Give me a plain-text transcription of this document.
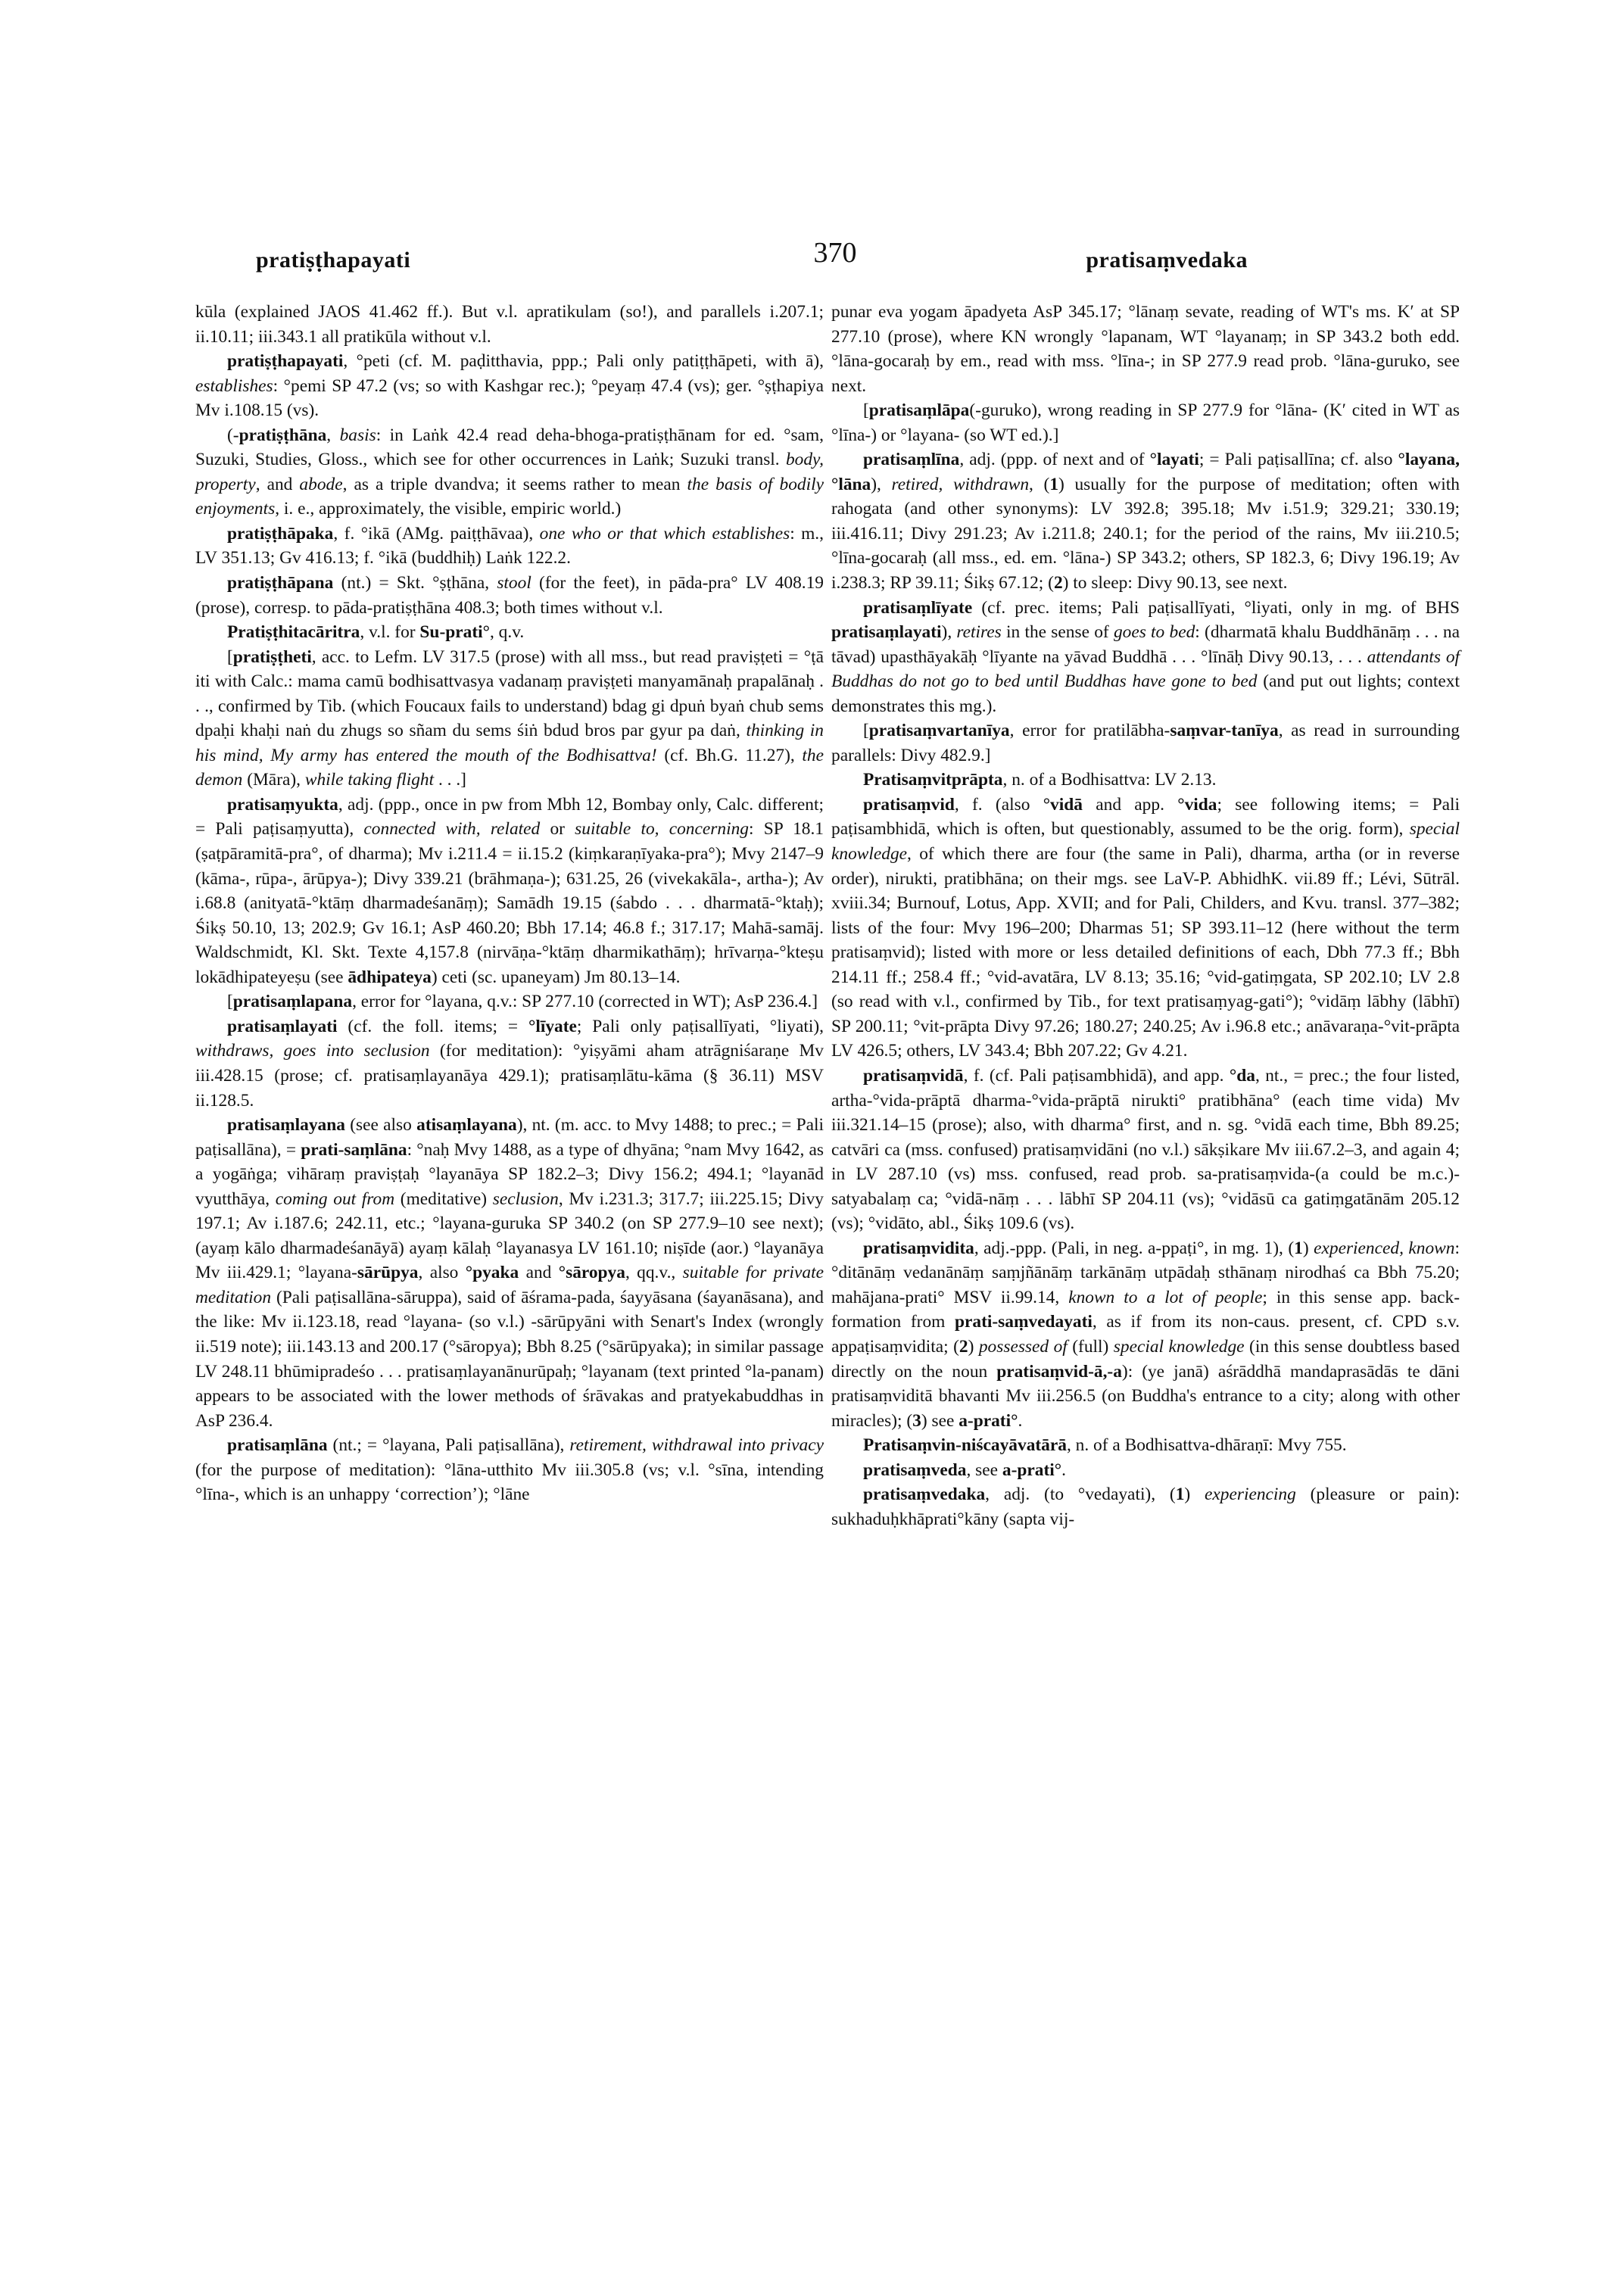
pratiṣṭhapayati	370	pratisaṃvedaka

kūla (explained JAOS 41.462 ff.). But v.l. apratikulam (so!), and parallels i.207.1; ii.10.11; iii.343.1 all pratikūla without v.l.

pratiṣṭhapayati, °peti (cf. M. paḍitthavia, ppp.; Pali only patiṭṭhāpeti, with ā), establishes: °pemi SP 47.2 (vs; so with Kashgar rec.); °peyaṃ 47.4 (vs); ger. °ṣṭhapiya Mv i.108.15 (vs).

(-pratiṣṭhāna, basis: in Laṅk 42.4 read deha-bhoga-pratiṣṭhānam for ed. °sam, Suzuki, Studies, Gloss., which see for other occurrences in Laṅk; Suzuki transl. body, property, and abode, as a triple dvandva; it seems rather to mean the basis of bodily enjoyments, i. e., approximately, the visible, empiric world.)

pratiṣṭhāpaka, f. °ikā (AMg. paiṭṭhāvaa), one who or that which establishes: m., LV 351.13; Gv 416.13; f. °ikā (buddhiḥ) Laṅk 122.2.

pratiṣṭhāpana (nt.) = Skt. °ṣṭhāna, stool (for the feet), in pāda-pra° LV 408.19 (prose), corresp. to pāda-pratiṣṭhāna 408.3; both times without v.l.

Pratiṣṭhitacāritra, v.l. for Su-prati°, q.v.

[pratiṣṭheti, acc. to Lefm. LV 317.5 (prose) with all mss., but read praviṣṭeti = °ṭā iti with Calc.: mama camū bodhisattvasya vadanaṃ praviṣṭeti manyamānaḥ prapalānaḥ . . ., confirmed by Tib. (which Foucaux fails to understand) bdag gi dpuṅ byaṅ chub sems dpaḥi khaḥi naṅ du zhugs so sñam du sems śiṅ bdud bros par gyur pa daṅ, thinking in his mind, My army has entered the mouth of the Bodhisattva! (cf. Bh.G. 11.27), the demon (Māra), while taking flight . . .]

pratisaṃyukta, adj. (ppp., once in pw from Mbh 12, Bombay only, Calc. different; = Pali paṭisaṃyutta), connected with, related or suitable to, concerning: SP 18.1 (ṣaṭpāramitā-pra°, of dharma); Mv i.211.4 = ii.15.2 (kiṃkaraṇīyaka-pra°); Mvy 2147–9 (kāma-, rūpa-, ārūpya-); Divy 339.21 (brāhmaṇa-); 631.25, 26 (vivekakāla-, artha-); Av i.68.8 (anityatā-°ktāṃ dharmadeśanāṃ); Samādh 19.15 (śabdo . . . dharmatā-°ktaḥ); Śikṣ 50.10, 13; 202.9; Gv 16.1; AsP 460.20; Bbh 17.14; 46.8 f.; 317.17; Mahā-samāj. Waldschmidt, Kl. Skt. Texte 4,157.8 (nirvāṇa-°ktāṃ dharmikathāṃ); hrīvarṇa-°kteṣu lokādhipateyeṣu (see ādhipateya) ceti (sc. upaneyam) Jm 80.13–14.

[pratisaṃlapana, error for °layana, q.v.: SP 277.10 (corrected in WT); AsP 236.4.]

pratisaṃlayati (cf. the foll. items; = °līyate; Pali only paṭisallīyati, °liyati), withdraws, goes into seclusion (for meditation): °yiṣyāmi aham atrāgniśaraṇe Mv iii.428.15 (prose; cf. pratisaṃlayanāya 429.1); pratisaṃlātu-kāma (§ 36.11) MSV ii.128.5.

pratisaṃlayana (see also atisaṃlayana), nt. (m. acc. to Mvy 1488; to prec.; = Pali paṭisallāna), = prati-saṃlāna: °naḥ Mvy 1488, as a type of dhyāna; °nam Mvy 1642, as a yogāṅga; vihāraṃ praviṣṭaḥ °layanāya SP 182.2–3; Divy 156.2; 494.1; °layanād vyutthāya, coming out from (meditative) seclusion, Mv i.231.3; 317.7; iii.225.15; Divy 197.1; Av i.187.6; 242.11, etc.; °layana-guruka SP 340.2 (on SP 277.9–10 see next); (ayaṃ kālo dharmadeśanāyā) ayaṃ kālaḥ °layanasya LV 161.10; niṣīde (aor.) °layanāya Mv iii.429.1; °layana-sārūpya, also °pyaka and °sāropya, qq.v., suitable for private meditation (Pali paṭisallāna-sāruppa), said of āśrama-pada, śayyāsana (śayanāsana), and the like: Mv ii.123.18, read °layana- (so v.l.) -sārūpyāni with Senart's Index (wrongly ii.519 note); iii.143.13 and 200.17 (°sāropya); Bbh 8.25 (°sārūpyaka); in similar passage LV 248.11 bhūmipradeśo . . . pratisaṃlayanānurūpaḥ; °layanam (text printed °la-panam) appears to be associated with the lower methods of śrāvakas and pratyekabuddhas in AsP 236.4.

pratisaṃlāna (nt.; = °layana, Pali paṭisallāna), retirement, withdrawal into privacy (for the purpose of meditation): °lāna-utthito Mv iii.305.8 (vs; v.l. °sīna, intending °līna-, which is an unhappy ‘correction’); °lāne

punar eva yogam āpadyeta AsP 345.17; °lānaṃ sevate, reading of WT's ms. K′ at SP 277.10 (prose), where KN wrongly °lapanam, WT °layanaṃ; in SP 343.2 both edd. °lāna-gocaraḥ by em., read with mss. °līna-; in SP 277.9 read prob. °lāna-guruko, see next.

[pratisaṃlāpa(-guruko), wrong reading in SP 277.9 for °lāna- (K′ cited in WT as °līna-) or °layana- (so WT ed.).]

pratisaṃlīna, adj. (ppp. of next and of °layati; = Pali paṭisallīna; cf. also °layana, °lāna), retired, withdrawn, (1) usually for the purpose of meditation; often with rahogata (and other synonyms): LV 392.8; 395.18; Mv i.51.9; 329.21; 330.19; iii.416.11; Divy 291.23; Av i.211.8; 240.1; for the period of the rains, Mv iii.210.5; °līna-gocaraḥ (all mss., ed. em. °lāna-) SP 343.2; others, SP 182.3, 6; Divy 196.19; Av i.238.3; RP 39.11; Śikṣ 67.12; (2) to sleep: Divy 90.13, see next.

pratisaṃlīyate (cf. prec. items; Pali paṭisallīyati, °liyati, only in mg. of BHS pratisaṃlayati), retires in the sense of goes to bed: (dharmatā khalu Buddhānāṃ . . . na tāvad) upasthāyakāḥ °līyante na yāvad Buddhā . . . °līnāḥ Divy 90.13, . . . attendants of Buddhas do not go to bed until Buddhas have gone to bed (and put out lights; context demonstrates this mg.).

[pratisaṃvartanīya, error for pratilābha-saṃvar-tanīya, as read in surrounding parallels: Divy 482.9.]

Pratisaṃvitprāpta, n. of a Bodhisattva: LV 2.13.

pratisaṃvid, f. (also °vidā and app. °vida; see following items; = Pali paṭisambhidā, which is often, but questionably, assumed to be the orig. form), special knowledge, of which there are four (the same in Pali), dharma, artha (or in reverse order), nirukti, pratibhāna; on their mgs. see LaV-P. AbhidhK. vii.89 ff.; Lévi, Sūtrāl. xviii.34; Burnouf, Lotus, App. XVII; and for Pali, Childers, and Kvu. transl. 377–382; lists of the four: Mvy 196–200; Dharmas 51; SP 393.11–12 (here without the term pratisaṃvid); listed with more or less detailed definitions of each, Dbh 77.3 ff.; Bbh 214.11 ff.; 258.4 ff.; °vid-avatāra, LV 8.13; 35.16; °vid-gatiṃgata, SP 202.10; LV 2.8 (so read with v.l., confirmed by Tib., for text pratisaṃyag-gati°); °vidāṃ lābhy (lābhī) SP 200.11; °vit-prāpta Divy 97.26; 180.27; 240.25; Av i.96.8 etc.; anāvaraṇa-°vit-prāpta LV 426.5; others, LV 343.4; Bbh 207.22; Gv 4.21.

pratisaṃvidā, f. (cf. Pali paṭisambhidā), and app. °da, nt., = prec.; the four listed, artha-°vida-prāptā dharma-°vida-prāptā nirukti° pratibhāna° (each time vida) Mv iii.321.14–15 (prose); also, with dharma° first, and n. sg. °vidā each time, Bbh 89.25; catvāri ca (mss. confused) pratisaṃvidāni (no v.l.) sākṣikare Mv iii.67.2–3, and again 4; in LV 287.10 (vs) mss. confused, read prob. sa-pratisaṃvida-(a could be m.c.)-satyabalaṃ ca; °vidā-nāṃ . . . lābhī SP 204.11 (vs); °vidāsū ca gatiṃgatānām 205.12 (vs); °vidāto, abl., Śikṣ 109.6 (vs).

pratisaṃvidita, adj.-ppp. (Pali, in neg. a-ppaṭi°, in mg. 1), (1) experienced, known: °ditānāṃ vedanānāṃ saṃjñānāṃ tarkānāṃ utpādaḥ sthānaṃ nirodhaś ca Bbh 75.20; mahājana-prati° MSV ii.99.14, known to a lot of people; in this sense app. back-formation from prati-saṃvedayati, as if from its non-caus. present, cf. CPD s.v. appaṭisaṃvidita; (2) possessed of (full) special knowledge (in this sense doubtless based directly on the noun pratisaṃvid-ā,-a): (ye janā) aśrāddhā mandaprasādās te dāni pratisaṃviditā bhavanti Mv iii.256.5 (on Buddha's entrance to a city; along with other miracles); (3) see a-prati°.

Pratisaṃvin-niścayāvatārā, n. of a Bodhisattva-dhāraṇī: Mvy 755.

pratisaṃveda, see a-prati°.

pratisaṃvedaka, adj. (to °vedayati), (1) experiencing (pleasure or pain): sukhaduḥkhāprati°kāny (sapta vij-
